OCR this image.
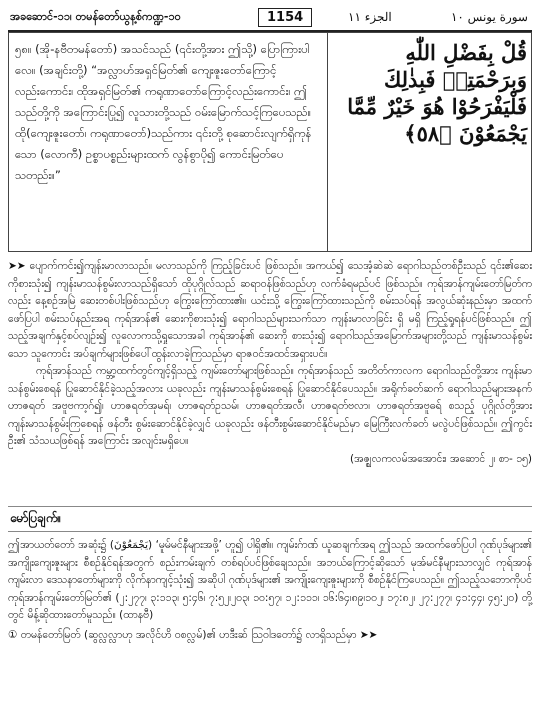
အခဆောင်-၁၁၊ တမန်တော်ယွန့စ်ကဏ္ဍ-၁၀	1154	الجزء ١١	سورة يونس ١٠
၅၈။ (အို-နဗီတမန်တော်) အသင်သည် (၎င်းတို့အား ဤသို့) ပြောကြားပါလေ။ (အချင်းတို့) “အလ္လာဟ်အရှင်မြတ်၏ ကျေးဇူးတော်ကြောင့်လည်းကောင်း၊ ထိုအရှင်မြတ်၏ ကရုဏာတော်ကြောင့်လည်းကောင်း၊ ဤသည်တို့ကို အကြောင်းပြု၍ လူသားတို့သည် ဝမ်းမြောက်သင့်ကြပေသည်။ ထို(ကျေးဇူးတော်၊ ကရုဏာတော်)သည်ကား ၎င်းတို့ စုဆောင်းလျက်ရှိကုန်သော (လောကီ) ဥစ္စာပစ္စည်းများထက် လွန်စွာပို၍ ကောင်းမြတ်ပေသတည်း။”
قُلْ بِفَضْلِ اللّٰهِ وَبِرَحْمَتِهٖ فَبِذٰلِكَ فَلْيَفْرَحُوْا هُوَ خَيْرٌ مِّمَّا يَجْمَعُوْنَ ﴿٥٨﴾

➤➤ ပျောက်ကင်း၍ကျန်းမာလာသည်။ မလာသည်ကို ကြည့်ခြင်းပင် ဖြစ်သည်။ အကယ်၍ သေအံ့ဆဲဆဲ ရောဂါသည်တစ်ဦးသည် ၎င်း၏ဆေးကိုစားသုံး၍ ကျန်းမာသန်စွမ်းလာသည်ရှိသော် ထိုပုဂ္ဂိုလ်သည် ဆရာဝန်ဖြစ်သည်ဟု လက်ခံရမည်ပင် ဖြစ်သည်။ ကုရ်အာန်ကျမ်းတော်မြတ်ကလည်း နေ့စဉ်အမြဲ ဆေးတစ်ပါးဖြစ်သည်ဟု ကြွေးကြော်ထား၏။ ယင်းသို့ ကြွေးကြော်ထားသည်ကို စမ်းသပ်ရန် အလွယ်ဆုံးနည်းမှာ အထက်ဖော်ပြပါ စမ်းသပ်နည်းအရ ကုရ်အာန်၏ ဆေးကိုစားသုံး၍ ရောဂါသည်များသက်သာ ကျန်းမာလာခြင်း ရှိ မရှိ ကြည့်ရှုရန်ပင်ဖြစ်သည်။ ဤသည့်အချက်နှင့်စပ်လျဉ်း၍ လူလောကသို့ရှုသောအခါ ကုရ်အာန်၏ ဆေးကို စားသုံး၍ ရောဂါသည်အမြောက်အများတို့သည် ကျန်းမာသန်စွမ်းသော သူကောင်း အပ်ချက်များဖြစ်ပေါ်ထွန်းလာခဲ့ကြသည်မှာ ရာဇဝင်အထင်အရှားပင်။

ကုရ်အာန်သည် ကမ္ဘာ့ထက်တွင်ကျင့်ရှိသည့် ကျမ်းတော်များဖြစ်သည်။ ကုရ်အာန်သည် အတိတ်ကာလက ရောဂါသည်တို့အား ကျန်းမာသန်စွမ်းစေရန် ပြုဆောင်နိုင်ခဲ့သည့်အလား ယခုလည်း ကျန်းမာသန်စွမ်းစေရန် ပြုဆောင်နိုင်ပေသည်။ အရိုက်ခတ်ဆက် ရောဂါသည်များအနက် ဟာဇရတ် အဗူဗကာ့ဂ်၍၊ ဟာဇရတ်အုမရ်၊ ဟာဇရတ်ဥသမ်၊ ဟာဇရတ်အလီ၊ ဟာဇရတ်ဗလာ၊ ဟာဇရတ်အဗူဓရ် စသည့် ပုဂ္ဂိုလ်တို့အား ကျန်းမာသန်စွမ်းကြစေရန် ဖန်တီး စွမ်းဆောင်နိုင်ခဲ့လျှင် ယခုလည်း ဖန်တီးစွမ်းဆောင်နိုင်မည်မှာ မြေကြီးလက်ခတ် မလွဲပင်ဖြစ်သည်။ ဤကွင်း ဦး၏ သံသယဖြစ်ရန် အကြောင်း အလျင်းမရှိပေ။

(အဇ္ဈလကလမ်အအောင်း၊ အဆောင် ၂၊ စာ- ၁၅)

မော်ပြချက်။
ဤအာယတ်တော် အဆုံး၌ (يَجْمَعُوْنَ) ‘မူမ်မင်နီများအဖို့’ ဟူ၍ ပါရှိ၏။ ကျမ်းဂ်ာဏ် ယူဆချက်အရ ဤသည် အထက်ဖော်ပြပါ ဂုဏ်ပုဒ်များ၏ အကျိုးကျေးဇူးများ စီစဉ်နိုင်ရန်အတွက် စည်းကမ်းချက် တစ်ရပ်ပင်ဖြစ်ချေသည်။ အဘယ်ကြောင့်ဆိုသော် မုအ်မင်နီများသာလျှင် ကုရ်အာန်ကျမ်းလာ ဒေသနာတော်များကို လိုက်နာကျင့်သုံး၍ အဆိုပါ ဂုဏ်ပုဒ်များ၏ အကျိုးကျေးဇူးများကို စီစဉ်နိုင်ကြပေသည်။ ဤသည့်သဘောကိုပင် ကုရ်အာန်ကျမ်းတော်မြတ်၏ (၂:၂၇၇၊ ၃:၁၁၃၊ ၅:၄၆၊ ၇:၅၂၊၂၀၃၊ ၁၀:၅၇၊ ၁၂:၁၁၁၊ ၁၆:၆၄၊၈၉၊၁၀၂၊ ၁၇:၈၂၊ ၂၇:၂၇၇၊ ၄၁:၄၄၊ ၄၅:၂၀) တို့တွင် မိန့်ဆိုထားတော်မူသည်။ (ထာနဗီ)
① တမန်တော်မြတ် (ဆွလ္လလ္လာဟု အလိုင်ဟိ ဝစလ္လမ်)၏ ဟဒီးဆ် ဩဝါဒတော်၌ လာရှိသည်မှာ ➤➤
